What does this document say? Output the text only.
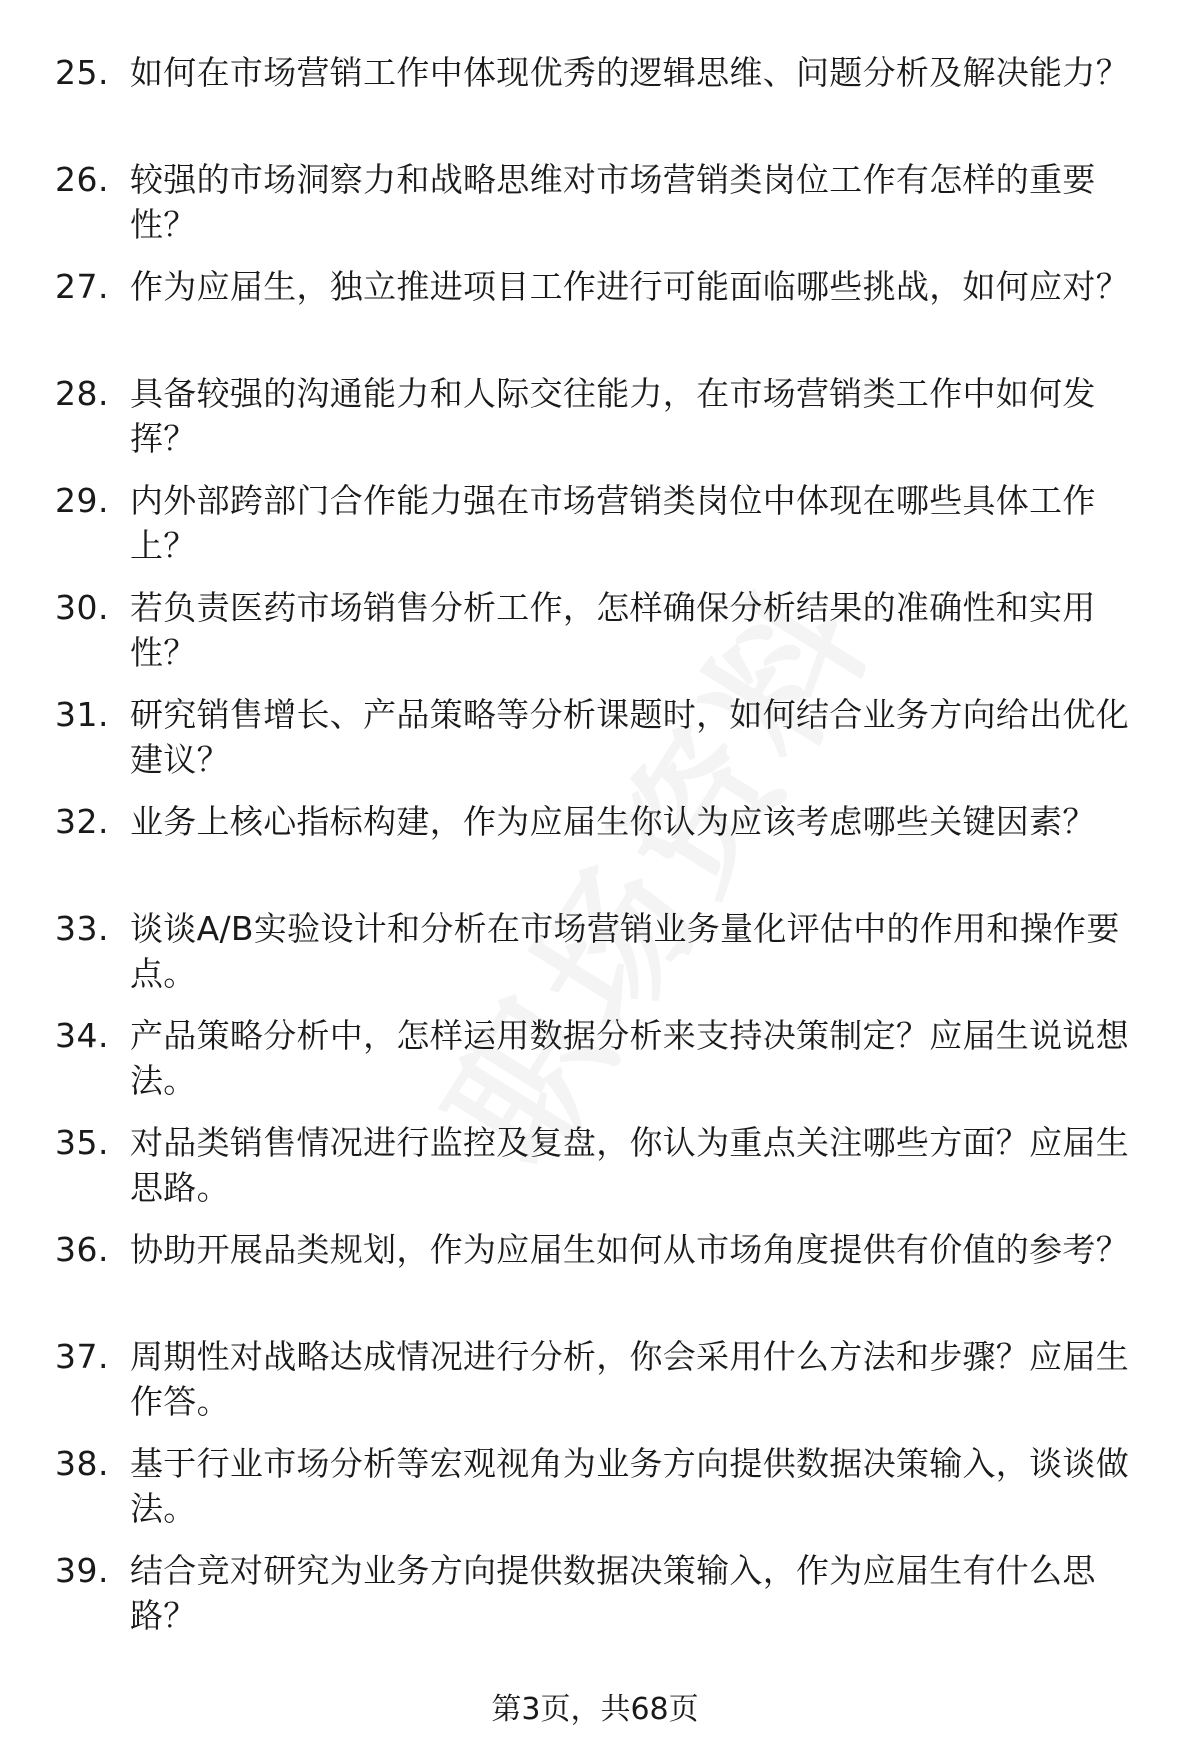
25. 如何在市场营销工作中体现优秀的逻辑思维、问题分析及解决能力？
26. 较强的市场洞察力和战略思维对市场营销类岗位工作有怎样的重要性？
27. 作为应届生，独立推进项目工作进行可能面临哪些挑战，如何应对？
28. 具备较强的沟通能力和人际交往能力，在市场营销类工作中如何发挥？
29. 内外部跨部门合作能力强在市场营销类岗位中体现在哪些具体工作上？
30. 若负责医药市场销售分析工作，怎样确保分析结果的准确性和实用性？
31. 研究销售增长、产品策略等分析课题时，如何结合业务方向给出优化建议？
32. 业务上核心指标构建，作为应届生你认为应该考虑哪些关键因素？
33. 谈谈A/B实验设计和分析在市场营销业务量化评估中的作用和操作要点。
34. 产品策略分析中，怎样运用数据分析来支持决策制定？应届生说说想法。
35. 对品类销售情况进行监控及复盘，你认为重点关注哪些方面？应届生思路。
36. 协助开展品类规划，作为应届生如何从市场角度提供有价值的参考？
37. 周期性对战略达成情况进行分析，你会采用什么方法和步骤？应届生作答。
38. 基于行业市场分析等宏观视角为业务方向提供数据决策输入，谈谈做法。
39. 结合竞对研究为业务方向提供数据决策输入，作为应届生有什么思路？
第3页，共68页
